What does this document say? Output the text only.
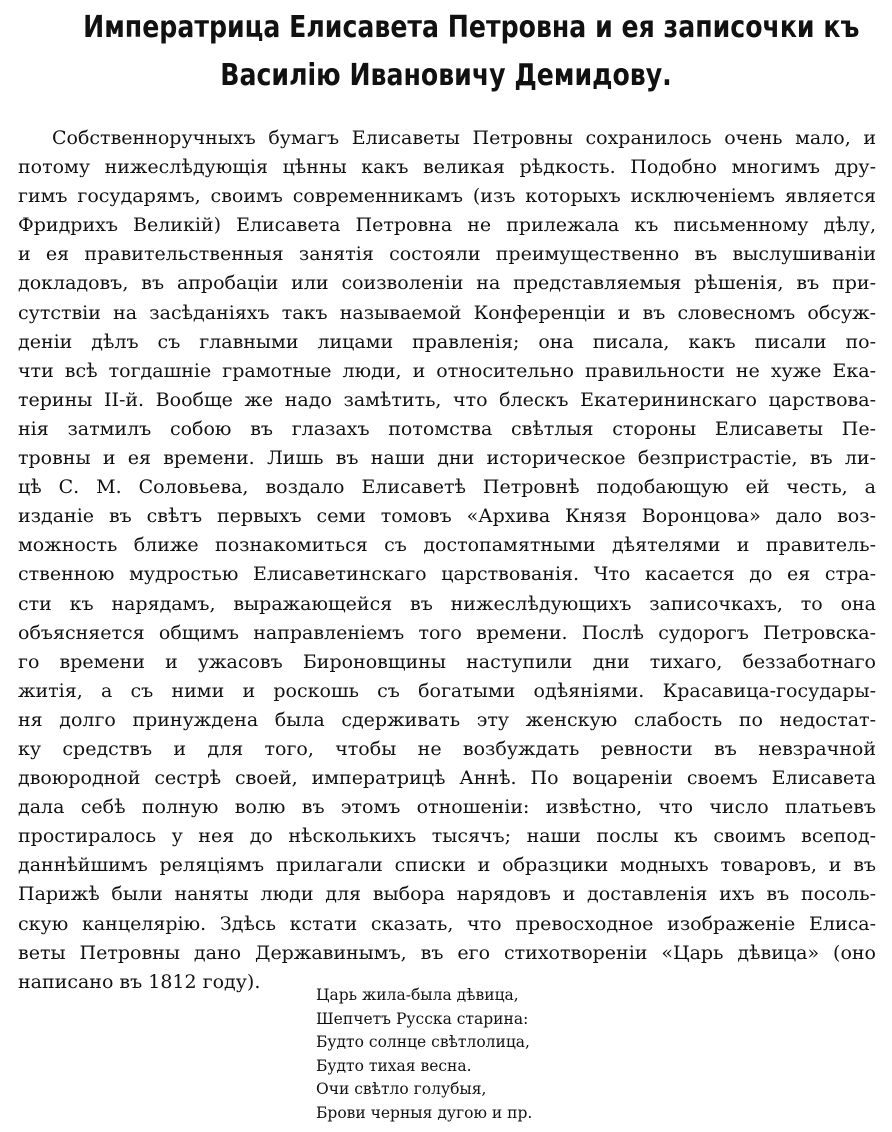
Императрица Елисавета Петровна и ея записочки къ
Василію Ивановичу Демидову.
Собственноручныхъ бумагъ Елисаветы Петровны сохранилось очень мало, и
потому нижеслѣдующія цѣнны какъ великая рѣдкость. Подобно многимъ дру-
гимъ государямъ, своимъ современникамъ (изъ которыхъ исключеніемъ является
Фридрихъ Великій) Елисавета Петровна не прилежала къ письменному дѣлу,
и ея правительственныя занятія состояли преимущественно въ выслушиваніи
докладовъ, въ апробаціи или соизволеніи на представляемыя рѣшенія, въ при-
сутствіи на засѣданіяхъ такъ называемой Конференціи и въ словесномъ обсуж-
деніи дѣлъ съ главными лицами правленія; она писала, какъ писали по-
чти всѣ тогдашніе грамотные люди, и относительно правильности не хуже Ека-
терины II-й. Вообще же надо замѣтить, что блескъ Екатерининскаго царствова-
нія затмилъ собою въ глазахъ потомства свѣтлыя стороны Елисаветы Пе-
тровны и ея времени. Лишь въ наши дни историческое безпристрастіе, въ ли-
цѣ С. М. Соловьева, воздало Елисаветѣ Петровнѣ подобающую ей честь, а
изданіе въ свѣтъ первыхъ семи томовъ «Архива Князя Воронцова» дало воз-
можность ближе познакомиться съ достопамятными дѣятелями и правитель-
ственною мудростью Елисаветинскаго царствованія. Что касается до ея стра-
сти къ нарядамъ, выражающейся въ нижеслѣдующихъ записочкахъ, то она
объясняется общимъ направленіемъ того времени. Послѣ судорогъ Петровска-
го времени и ужасовъ Бироновщины наступили дни тихаго, беззаботнаго
житія, а съ ними и роскошь съ богатыми одѣяніями. Красавица-государы-
ня долго принуждена была сдерживать эту женскую слабость по недостат-
ку средствъ и для того, чтобы не возбуждать ревности въ невзрачной
двоюродной сестрѣ своей, императрицѣ Аннѣ. По воцареніи своемъ Елисавета
дала себѣ полную волю въ этомъ отношеніи: извѣстно, что число платьевъ
простиралось у нея до нѣсколькихъ тысячъ; наши послы къ своимъ всепод-
даннѣйшимъ реляціямъ прилагали списки и образцики модныхъ товаровъ, и въ
Парижѣ были наняты люди для выбора нарядовъ и доставленія ихъ въ посоль-
скую канцелярію. Здѣсь кстати сказать, что превосходное изображеніе Елиса-
веты Петровны дано Державинымъ, въ его стихотвореніи «Царь дѣвица» (оно
написано въ 1812 году).
Царь жила-была дѣвица,
Шепчетъ Русска старина:
Будто солнце свѣтлолица,
Будто тихая весна.
Очи свѣтло голубыя,
Брови черныя дугою и пр.
